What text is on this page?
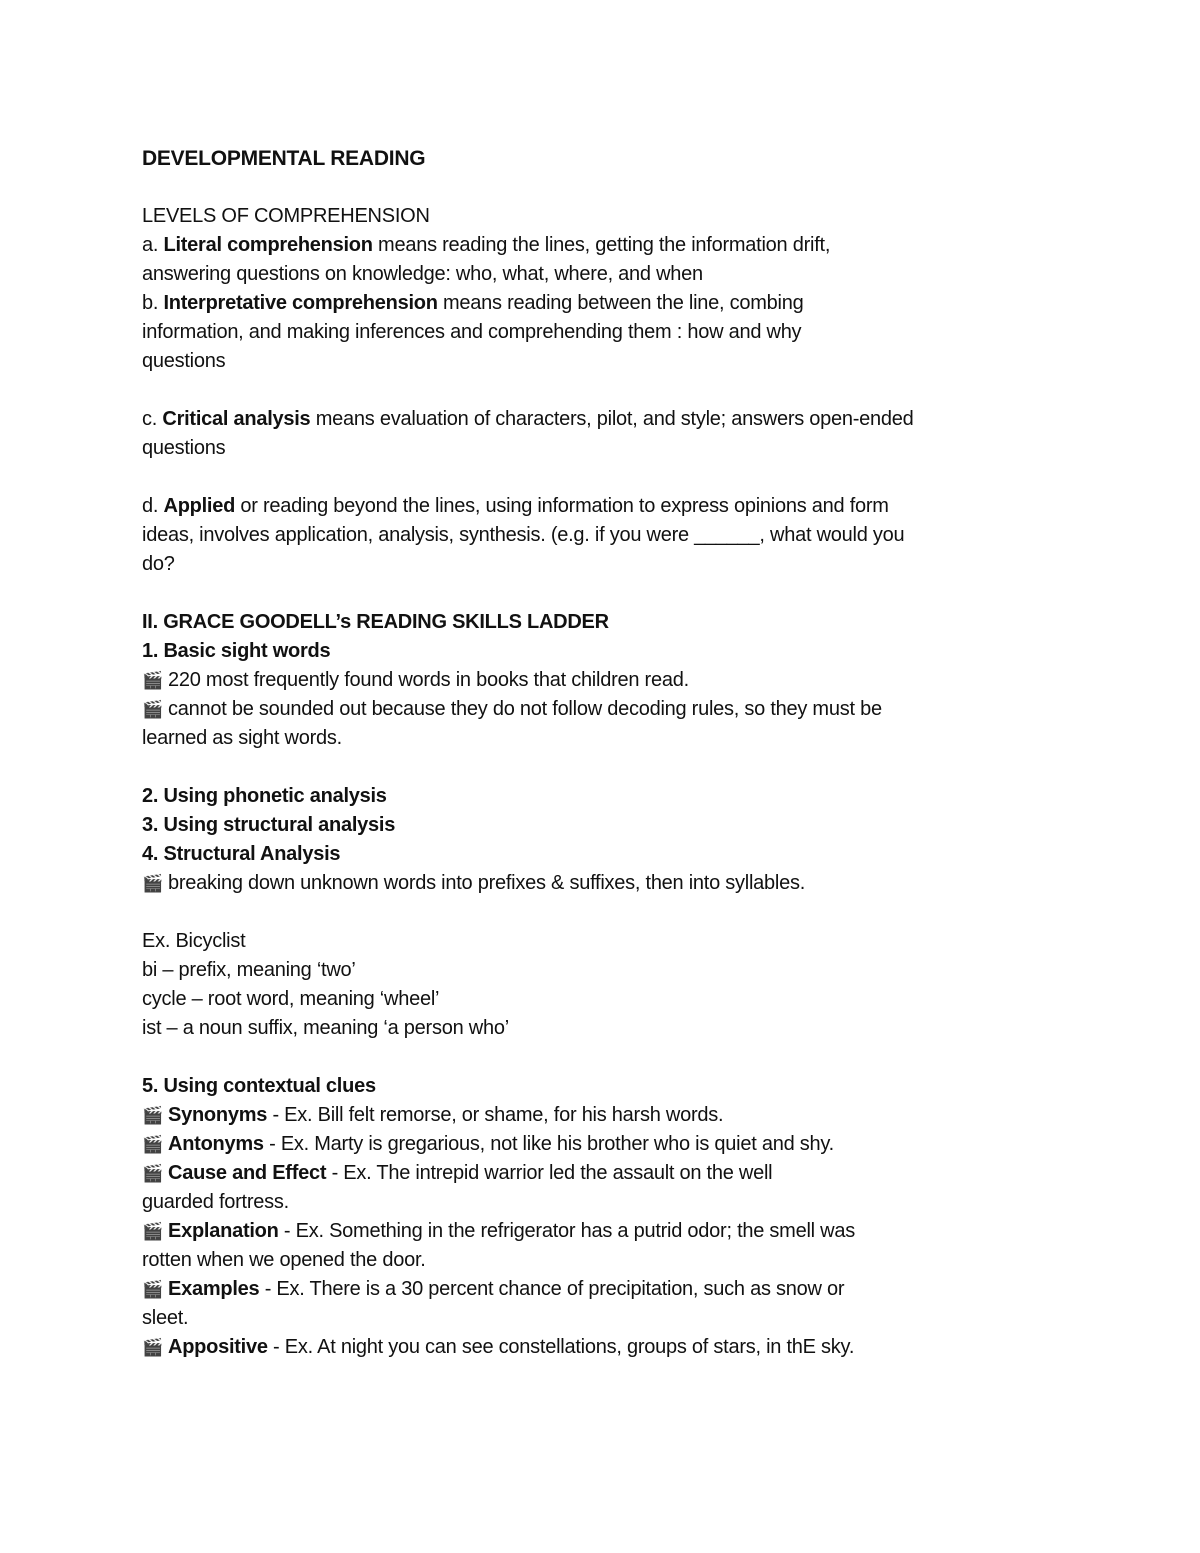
DEVELOPMENTAL READING

LEVELS OF COMPREHENSION

a. Literal comprehension means reading the lines, getting the information drift, answering questions on knowledge: who, what, where, and when

b. Interpretative comprehension means reading between the line, combing information, and making inferences and comprehending them : how and why questions

c. Critical analysis means evaluation of characters, pilot, and style; answers open-ended questions

d. Applied or reading beyond the lines, using information to express opinions and form ideas, involves application, analysis, synthesis. (e.g. if you were ______, what would you do?

II. GRACE GOODELL’s READING SKILLS LADDER

1. Basic sight words

🎬 220 most frequently found words in books that children read.

🎬 cannot be sounded out because they do not follow decoding rules, so they must be learned as sight words.

2. Using phonetic analysis

3. Using structural analysis

4. Structural Analysis

🎬 breaking down unknown words into prefixes & suffixes, then into syllables.

Ex. Bicyclist

bi – prefix, meaning ‘two’

cycle – root word, meaning ‘wheel’

ist – a noun suffix, meaning ‘a person who’

5. Using contextual clues

🎬 Synonyms - Ex. Bill felt remorse, or shame, for his harsh words.

🎬 Antonyms - Ex. Marty is gregarious, not like his brother who is quiet and shy.

🎬 Cause and Effect - Ex. The intrepid warrior led the assault on the well guarded fortress.

🎬 Explanation - Ex. Something in the refrigerator has a putrid odor; the smell was rotten when we opened the door.

🎬 Examples - Ex. There is a 30 percent chance of precipitation, such as snow or sleet.

🎬 Appositive - Ex. At night you can see constellations, groups of stars, in thE sky.
